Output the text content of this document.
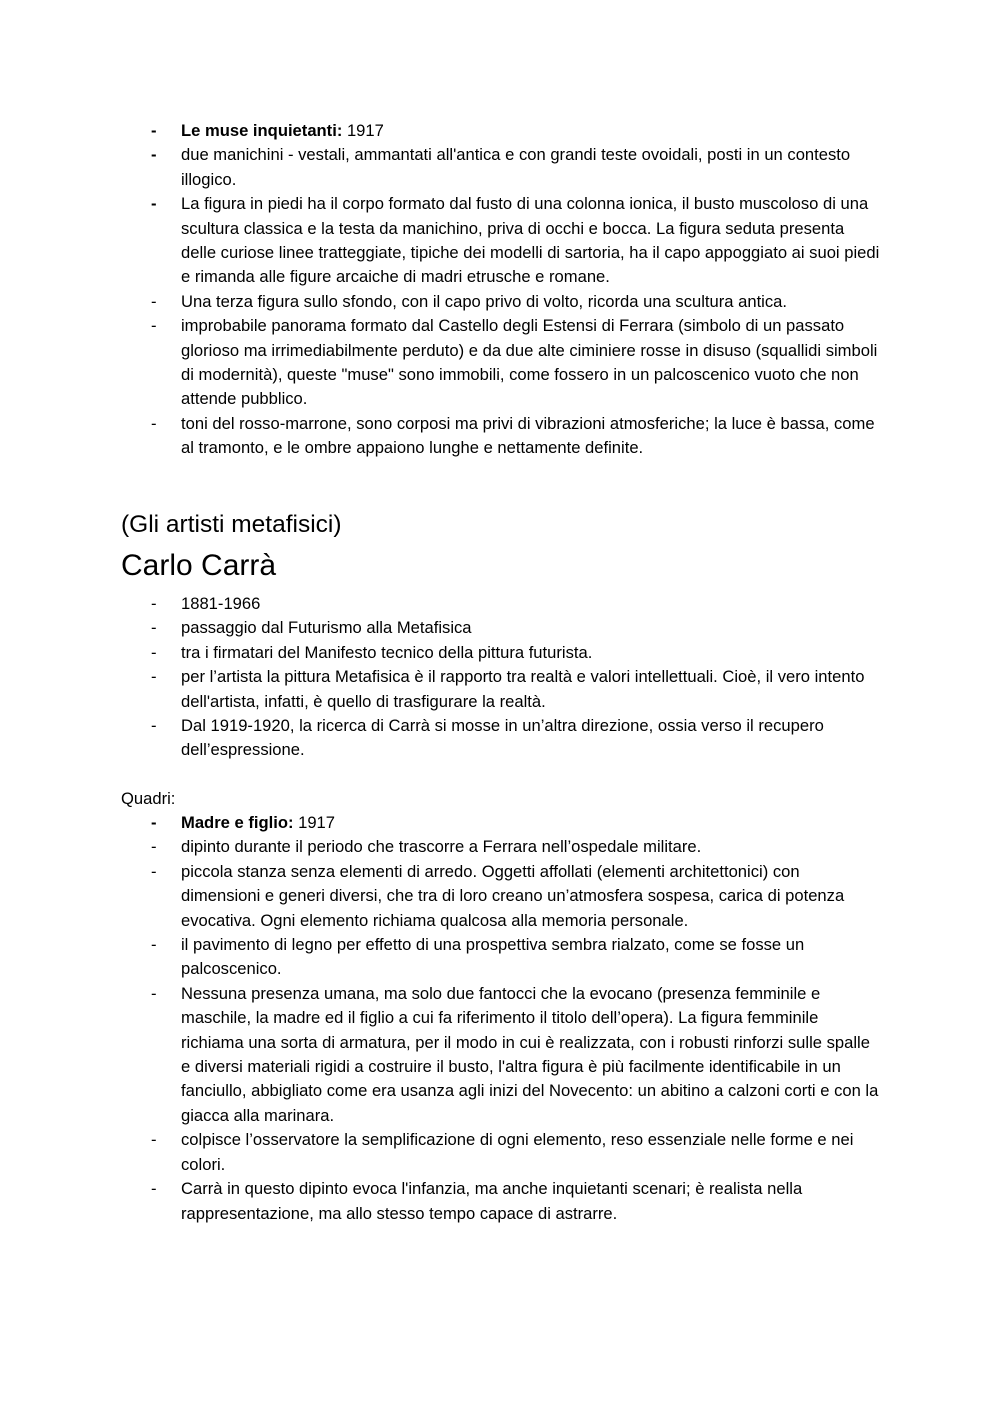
- Le muse inquietanti: 1917
- due manichini - vestali, ammantati all'antica e con grandi teste ovoidali, posti in un contesto illogico.
- La figura in piedi ha il corpo formato dal fusto di una colonna ionica, il busto muscoloso di una scultura classica e la testa da manichino, priva di occhi e bocca. La figura seduta presenta delle curiose linee tratteggiate, tipiche dei modelli di sartoria, ha il capo appoggiato ai suoi piedi e rimanda alle figure arcaiche di madri etrusche e romane.
- Una terza figura sullo sfondo, con il capo privo di volto, ricorda una scultura antica.
- improbabile panorama formato dal Castello degli Estensi di Ferrara (simbolo di un passato glorioso ma irrimediabilmente perduto) e da due alte ciminiere rosse in disuso (squallidi simboli di modernità), queste "muse" sono immobili, come fossero in un palcoscenico vuoto che non attende pubblico.
- toni del rosso-marrone, sono corposi ma privi di vibrazioni atmosferiche; la luce è bassa, come al tramonto, e le ombre appaiono lunghe e nettamente definite.
(Gli artisti metafisici)
Carlo Carrà
- 1881-1966
- passaggio dal Futurismo alla Metafisica
- tra i firmatari del Manifesto tecnico della pittura futurista.
- per l’artista la pittura Metafisica è il rapporto tra realtà e valori intellettuali. Cioè, il vero intento dell'artista, infatti, è quello di trasfigurare la realtà.
- Dal 1919-1920, la ricerca di Carrà si mosse in un’altra direzione, ossia verso il recupero dell’espressione.
Quadri:
- Madre e figlio: 1917
- dipinto durante il periodo che trascorre a Ferrara nell’ospedale militare.
- piccola stanza senza elementi di arredo. Oggetti affollati (elementi architettonici) con dimensioni e generi diversi, che tra di loro creano un’atmosfera sospesa, carica di potenza evocativa. Ogni elemento richiama qualcosa alla memoria personale.
- il pavimento di legno per effetto di una prospettiva sembra rialzato, come se fosse un palcoscenico.
- Nessuna presenza umana, ma solo due fantocci che la evocano (presenza femminile e maschile, la madre ed il figlio a cui fa riferimento il titolo dell’opera). La figura femminile richiama una sorta di armatura, per il modo in cui è realizzata, con i robusti rinforzi sulle spalle e diversi materiali rigidi a costruire il busto, l'altra figura è più facilmente identificabile in un fanciullo, abbigliato come era usanza agli inizi del Novecento: un abitino a calzoni corti e con la giacca alla marinara.
- colpisce l’osservatore la semplificazione di ogni elemento, reso essenziale nelle forme e nei colori.
- Carrà in questo dipinto evoca l'infanzia, ma anche inquietanti scenari; è realista nella rappresentazione, ma allo stesso tempo capace di astrarre.
